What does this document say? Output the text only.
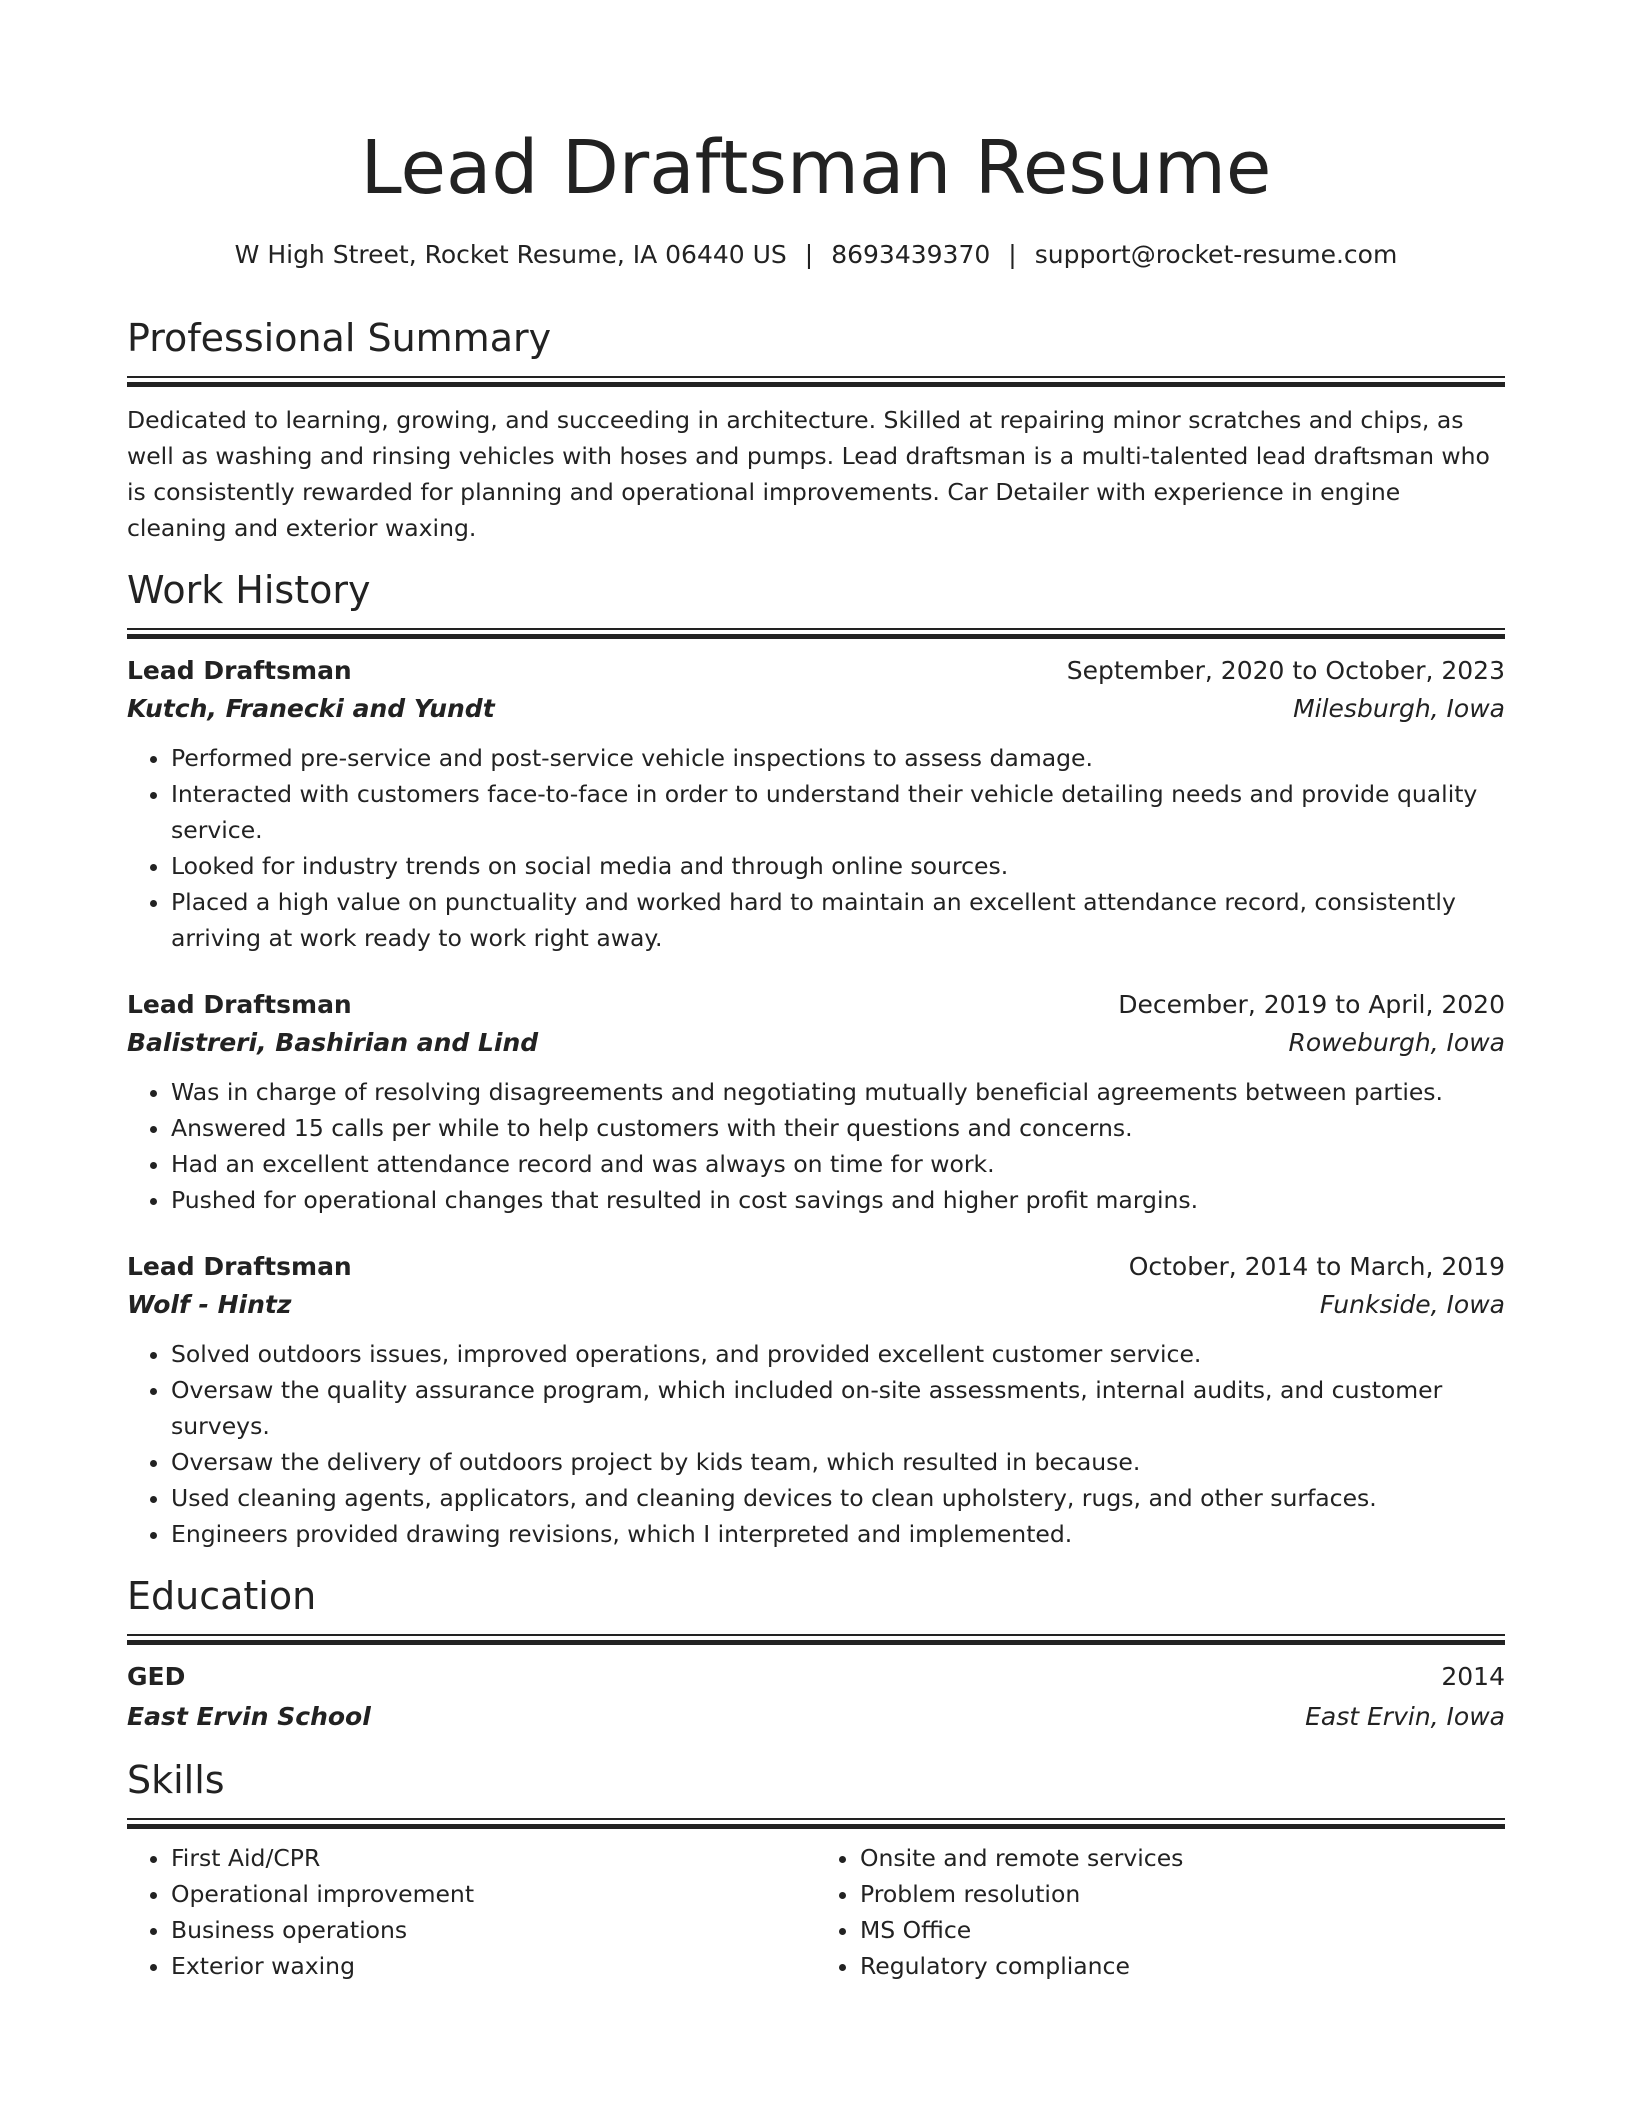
Lead Draftsman Resume
W High Street, Rocket Resume, IA 06440 US | 8693439370 | support@rocket-resume.com
Professional Summary
Dedicated to learning, growing, and succeeding in architecture. Skilled at repairing minor scratches and chips, as well as washing and rinsing vehicles with hoses and pumps. Lead draftsman is a multi-talented lead draftsman who is consistently rewarded for planning and operational improvements. Car Detailer with experience in engine cleaning and exterior waxing.
Work History
Lead Draftsman	September, 2020 to October, 2023
Kutch, Franecki and Yundt	Milesburgh, Iowa
• Performed pre-service and post-service vehicle inspections to assess damage.
• Interacted with customers face-to-face in order to understand their vehicle detailing needs and provide quality service.
• Looked for industry trends on social media and through online sources.
• Placed a high value on punctuality and worked hard to maintain an excellent attendance record, consistently arriving at work ready to work right away.
Lead Draftsman	December, 2019 to April, 2020
Balistreri, Bashirian and Lind	Roweburgh, Iowa
• Was in charge of resolving disagreements and negotiating mutually beneficial agreements between parties.
• Answered 15 calls per while to help customers with their questions and concerns.
• Had an excellent attendance record and was always on time for work.
• Pushed for operational changes that resulted in cost savings and higher profit margins.
Lead Draftsman	October, 2014 to March, 2019
Wolf - Hintz	Funkside, Iowa
• Solved outdoors issues, improved operations, and provided excellent customer service.
• Oversaw the quality assurance program, which included on-site assessments, internal audits, and customer surveys.
• Oversaw the delivery of outdoors project by kids team, which resulted in because.
• Used cleaning agents, applicators, and cleaning devices to clean upholstery, rugs, and other surfaces.
• Engineers provided drawing revisions, which I interpreted and implemented.
Education
GED	2014
East Ervin School	East Ervin, Iowa
Skills
• First Aid/CPR
• Operational improvement
• Business operations
• Exterior waxing
• Onsite and remote services
• Problem resolution
• MS Office
• Regulatory compliance
